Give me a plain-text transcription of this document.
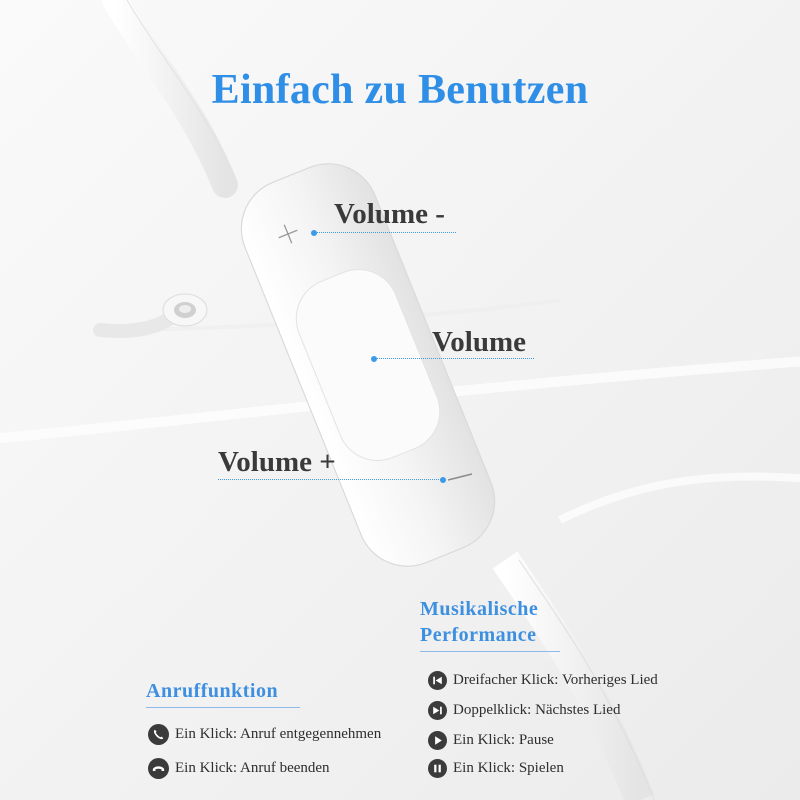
Einfach zu Benutzen
Volume -
Volume
Volume +
Musikalische
Performance
Dreifacher Klick: Vorheriges Lied
Doppelklick: Nächstes Lied
Ein Klick: Pause
Ein Klick: Spielen
Anruffunktion
Ein Klick: Anruf entgegennehmen
Ein Klick: Anruf beenden
